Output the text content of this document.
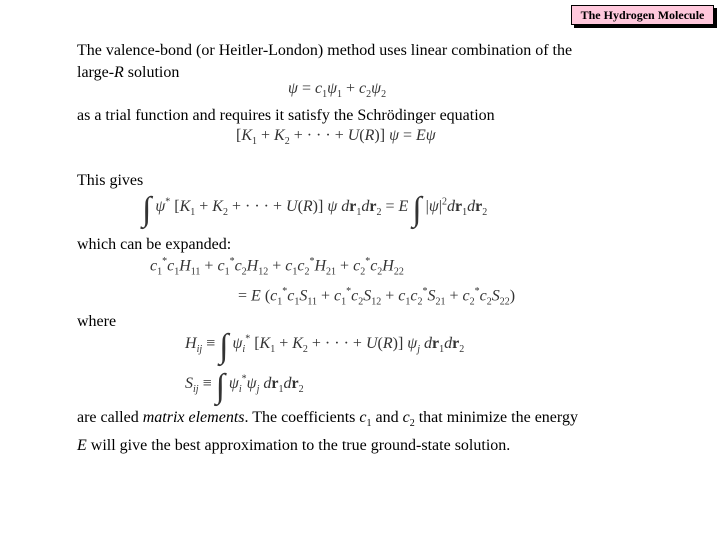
The Hydrogen Molecule

The valence-bond (or Heitler-London) method uses linear combination of the
large-R solution

$\psi = c_1\psi_1 + c_2\psi_2$

as a trial function and requires it satisfy the Schrödinger equation

[$K_1 + K_2$ + · · · + U(R)] ψ = Eψ

This gives

∫ ψ* [$K_1 + K_2$ + · · · + U(R)] ψ $dr_1dr_2 = E$ ∫ $|\psi|^2dr_1dr_2$

which can be expanded:

$c_1^*c_1H_{11} + c_1^*c_2H_{12} + c_1c_2^*H_{21} + c_2^*c_2H_{22}$
= E $(c_1^*c_1S_{11} + c_1^*c_2S_{12} + c_1c_2^*S_{21} + c_2^*c_2S_{22})$

where

$H_{ij}$ ≡ ∫ $\psi_i^*$ [$K_1 + K_2$ + · · · + U(R)] $\psi_j$ $dr_1dr_2$
$S_{ij}$ ≡ ∫ $\psi_i^*\psi_j$ $dr_1dr_2$

are called matrix elements. The coefficients $c_1$ and $c_2$ that minimize the energy
E will give the best approximation to the true ground-state solution.
